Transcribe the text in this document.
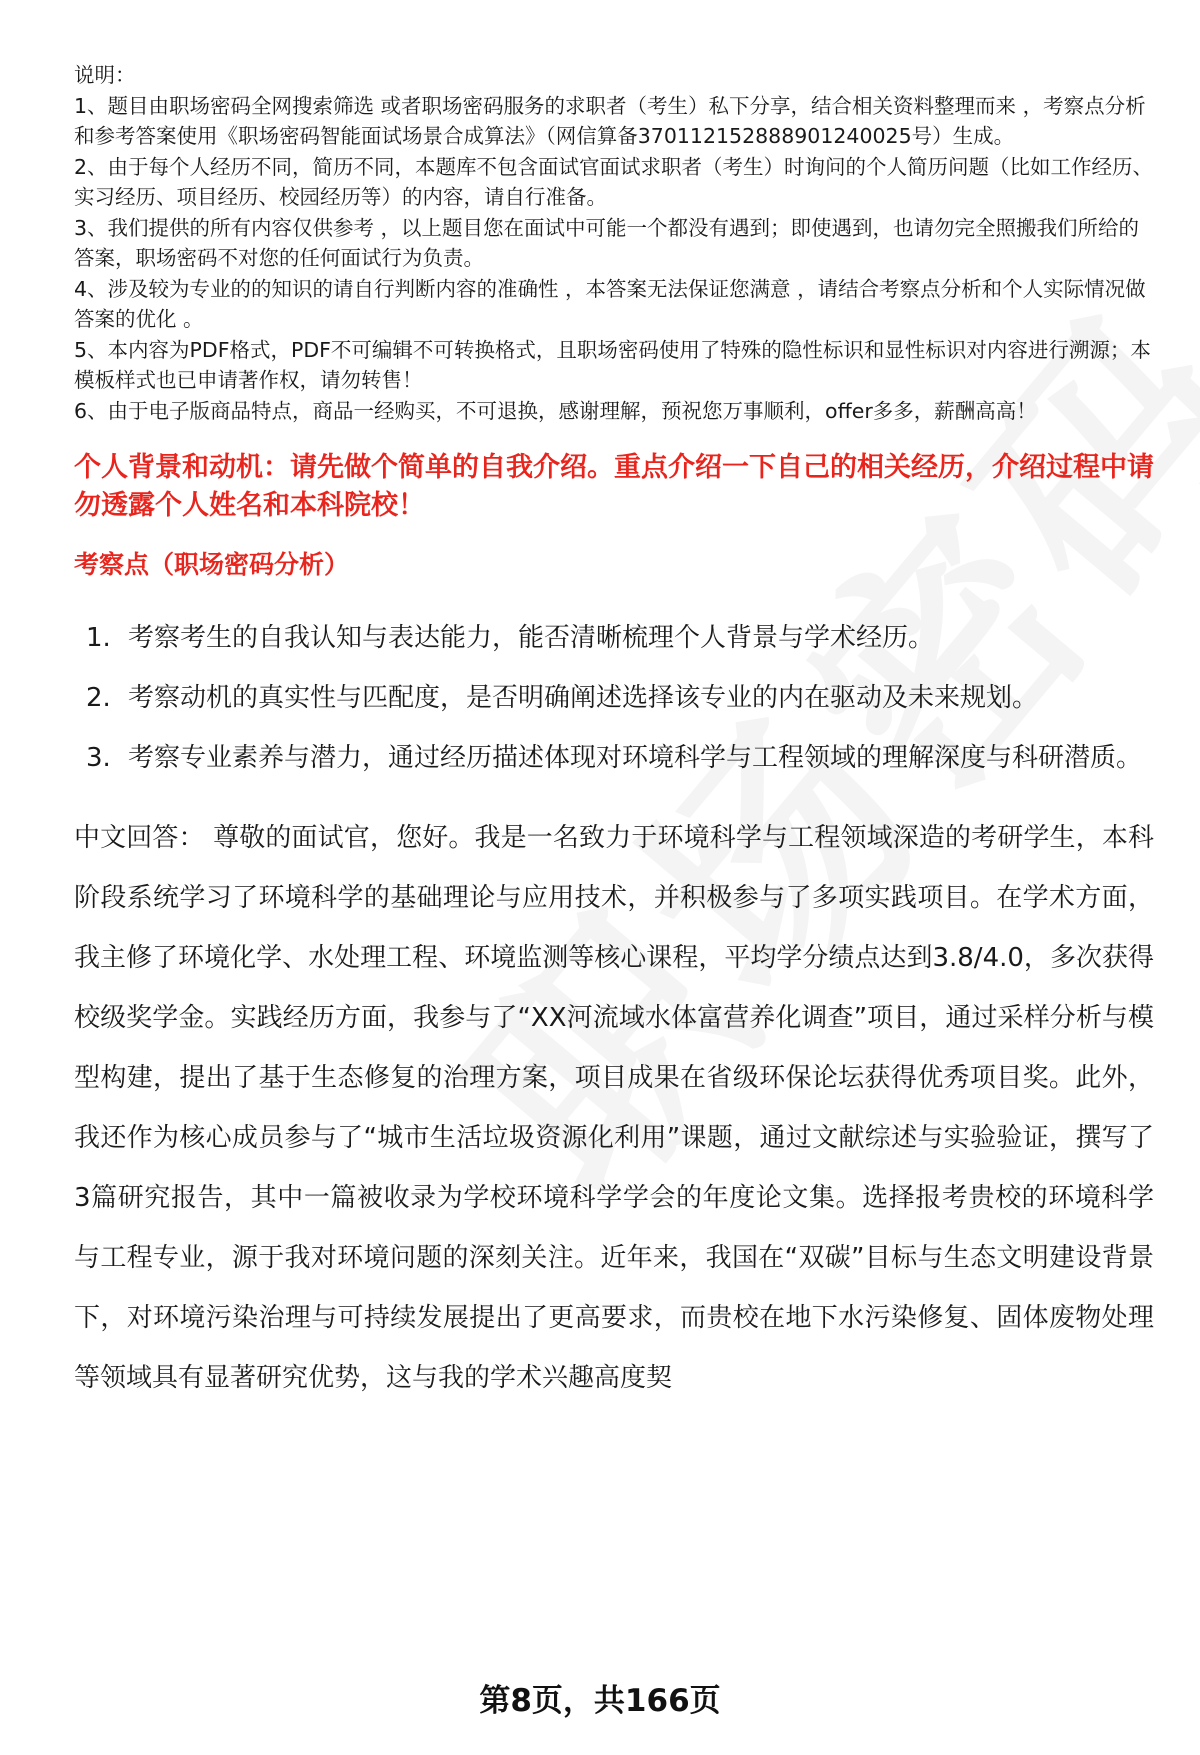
说明：

1、题目由职场密码全网搜索筛选 或者职场密码服务的求职者（考生）私下分享，结合相关资料整理而来 ，考察点分析和参考答案使用《职场密码智能面试场景合成算法》（网信算备370112152888901240025号）生成。

2、由于每个人经历不同，简历不同，本题库不包含面试官面试求职者（考生）时询问的个人简历问题（比如工作经历、实习经历、项目经历、校园经历等）的内容，请自行准备。

3、我们提供的所有内容仅供参考 ，以上题目您在面试中可能一个都没有遇到；即使遇到，也请勿完全照搬我们所给的答案，职场密码不对您的任何面试行为负责。

4、涉及较为专业的的知识的请自行判断内容的准确性 ，本答案无法保证您满意 ，请结合考察点分析和个人实际情况做答案的优化 。

5、本内容为PDF格式，PDF不可编辑不可转换格式，且职场密码使用了特殊的隐性标识和显性标识对内容进行溯源；本模板样式也已申请著作权，请勿转售！

6、由于电子版商品特点，商品一经购买，不可退换，感谢理解，预祝您万事顺利，offer多多，薪酬高高！

个人背景和动机：请先做个简单的自我介绍。重点介绍一下自己的相关经历，介绍过程中请勿透露个人姓名和本科院校！
考察点（职场密码分析）
1. 考察考生的自我认知与表达能力，能否清晰梳理个人背景与学术经历。
2. 考察动机的真实性与匹配度，是否明确阐述选择该专业的内在驱动及未来规划。
3. 考察专业素养与潜力，通过经历描述体现对环境科学与工程领域的理解深度与科研潜质。
中文回答： 尊敬的面试官，您好。我是一名致力于环境科学与工程领域深造的考研学生，本科阶段系统学习了环境科学的基础理论与应用技术，并积极参与了多项实践项目。在学术方面，我主修了环境化学、水处理工程、环境监测等核心课程，平均学分绩点达到3.8/4.0，多次获得校级奖学金。实践经历方面，我参与了“XX河流域水体富营养化调查”项目，通过采样分析与模型构建，提出了基于生态修复的治理方案，项目成果在省级环保论坛获得优秀项目奖。此外，我还作为核心成员参与了“城市生活垃圾资源化利用”课题，通过文献综述与实验验证，撰写了3篇研究报告，其中一篇被收录为学校环境科学学会的年度论文集。选择报考贵校的环境科学与工程专业，源于我对环境问题的深刻关注。近年来，我国在“双碳”目标与生态文明建设背景下，对环境污染治理与可持续发展提出了更高要求，而贵校在地下水污染修复、固体废物处理等领域具有显著研究优势，这与我的学术兴趣高度契
第8页，共166页
